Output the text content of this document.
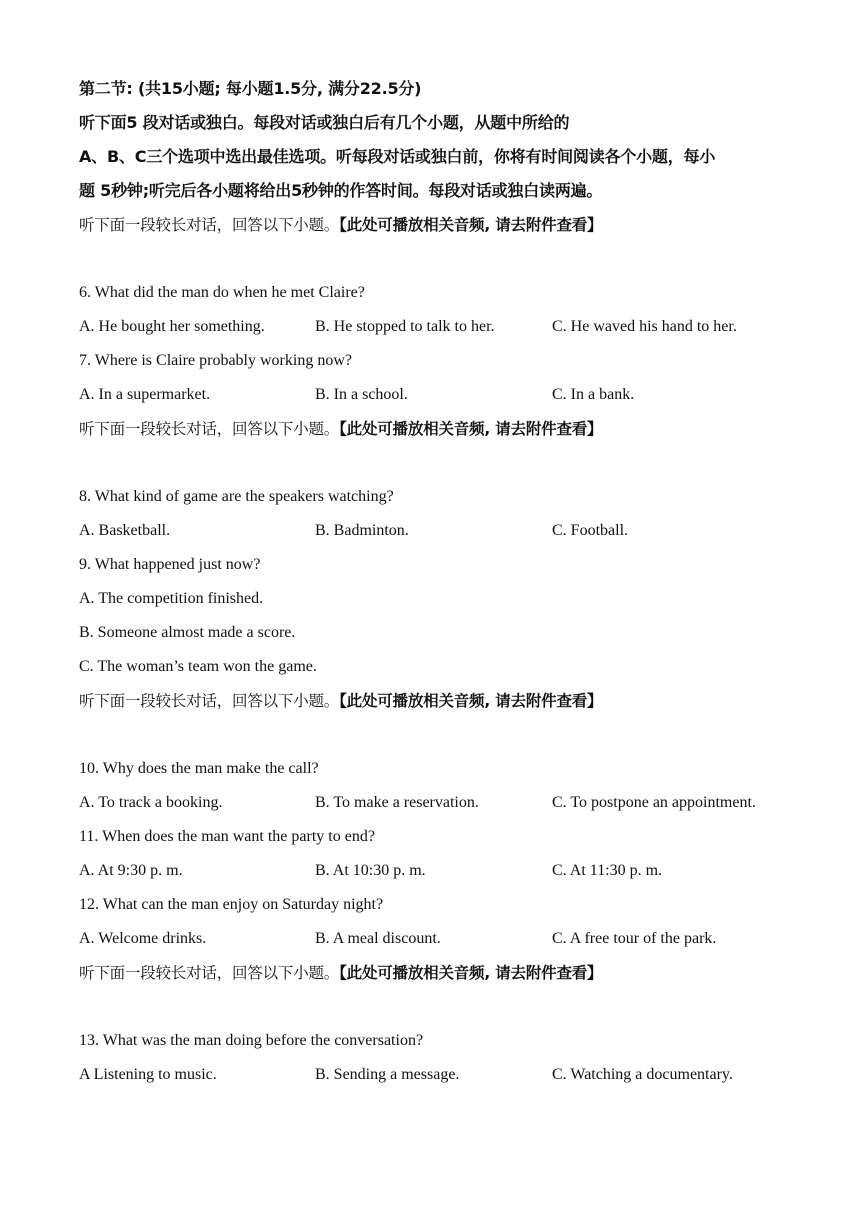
第二节: (共15小题; 每小题1.5分, 满分22.5分)
听下面5 段对话或独白。每段对话或独白后有几个小题，从题中所给的
A、B、C三个选项中选出最佳选项。听每段对话或独白前，你将有时间阅读各个小题，每小
题 5秒钟;听完后各小题将给出5秒钟的作答时间。每段对话或独白读两遍。
听下面一段较长对话，回答以下小题。【此处可播放相关音频, 请去附件查看】
6. What did the man do when he met Claire?
A. He bought her something.	B. He stopped to talk to her.	C. He waved his hand to her.
7. Where is Claire probably working now?
A. In a supermarket.	B. In a school.	C. In a bank.
听下面一段较长对话，回答以下小题。【此处可播放相关音频, 请去附件查看】
8. What kind of game are the speakers watching?
A. Basketball.	B. Badminton.	C. Football.
9. What happened just now?
A. The competition finished.
B. Someone almost made a score.
C. The woman’s team won the game.
听下面一段较长对话，回答以下小题。【此处可播放相关音频, 请去附件查看】
10. Why does the man make the call?
A. To track a booking.	B. To make a reservation.	C. To postpone an appointment.
11. When does the man want the party to end?
A. At 9:30 p. m.	B. At 10:30 p. m.	C. At 11:30 p. m.
12. What can the man enjoy on Saturday night?
A. Welcome drinks.	B. A meal discount.	C. A free tour of the park.
听下面一段较长对话，回答以下小题。【此处可播放相关音频, 请去附件查看】
13. What was the man doing before the conversation?
A Listening to music.	B. Sending a message.	C. Watching a documentary.
